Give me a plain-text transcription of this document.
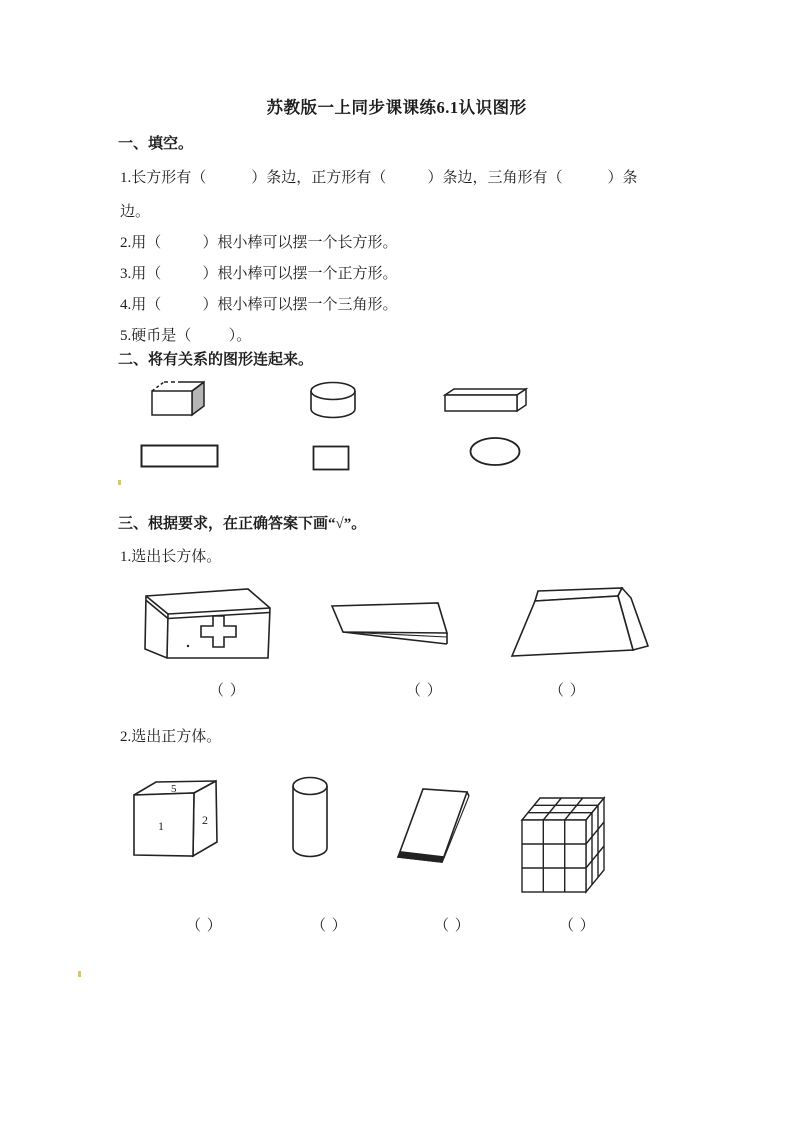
苏教版一上同步课课练6.1认识图形
一、填空。
1.长方形有（            ）条边，正方形有（           ）条边，三角形有（            ）条
边。
2.用（           ）根小棒可以摆一个长方形。
3.用（           ）根小棒可以摆一个正方形。
4.用（           ）根小棒可以摆一个三角形。
5.硬币是（          ）。
二、将有关系的图形连起来。
三、根据要求，在正确答案下画“√”。
1.选出长方体。
（ ）	（ ）	（ ）
2.选出正方体。
5
1	2
（ ）	（ ）	（ ）	（ ）
